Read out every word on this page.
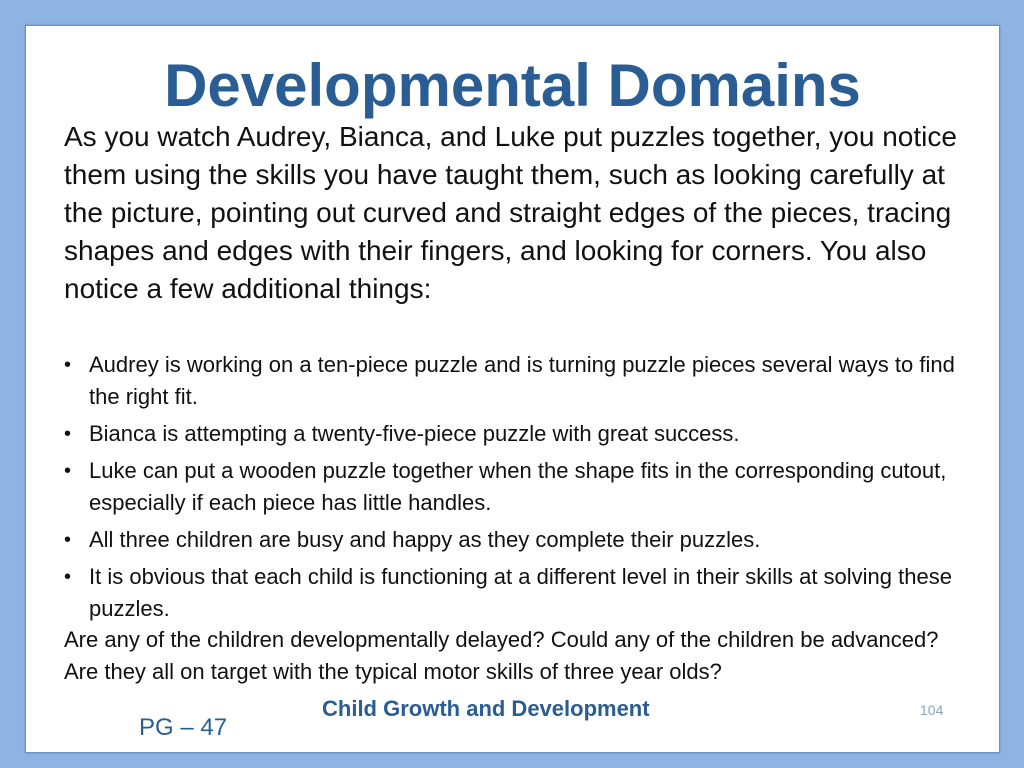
Developmental Domains

As you watch Audrey, Bianca, and Luke put puzzles together, you notice them using the skills you have taught them, such as looking carefully at the picture, pointing out curved and straight edges of the pieces, tracing shapes and edges with their fingers, and looking for corners. You also notice a few additional things:

• Audrey is working on a ten-piece puzzle and is turning puzzle pieces several ways to find the right fit.
• Bianca is attempting a twenty-five-piece puzzle with great success.
• Luke can put a wooden puzzle together when the shape fits in the corresponding cutout, especially if each piece has little handles.
• All three children are busy and happy as they complete their puzzles.
• It is obvious that each child is functioning at a different level in their skills at solving these puzzles.

Are any of the children developmentally delayed? Could any of the children be advanced? Are they all on target with the typical motor skills of three year olds?

Child Growth and Development	104
PG – 47
